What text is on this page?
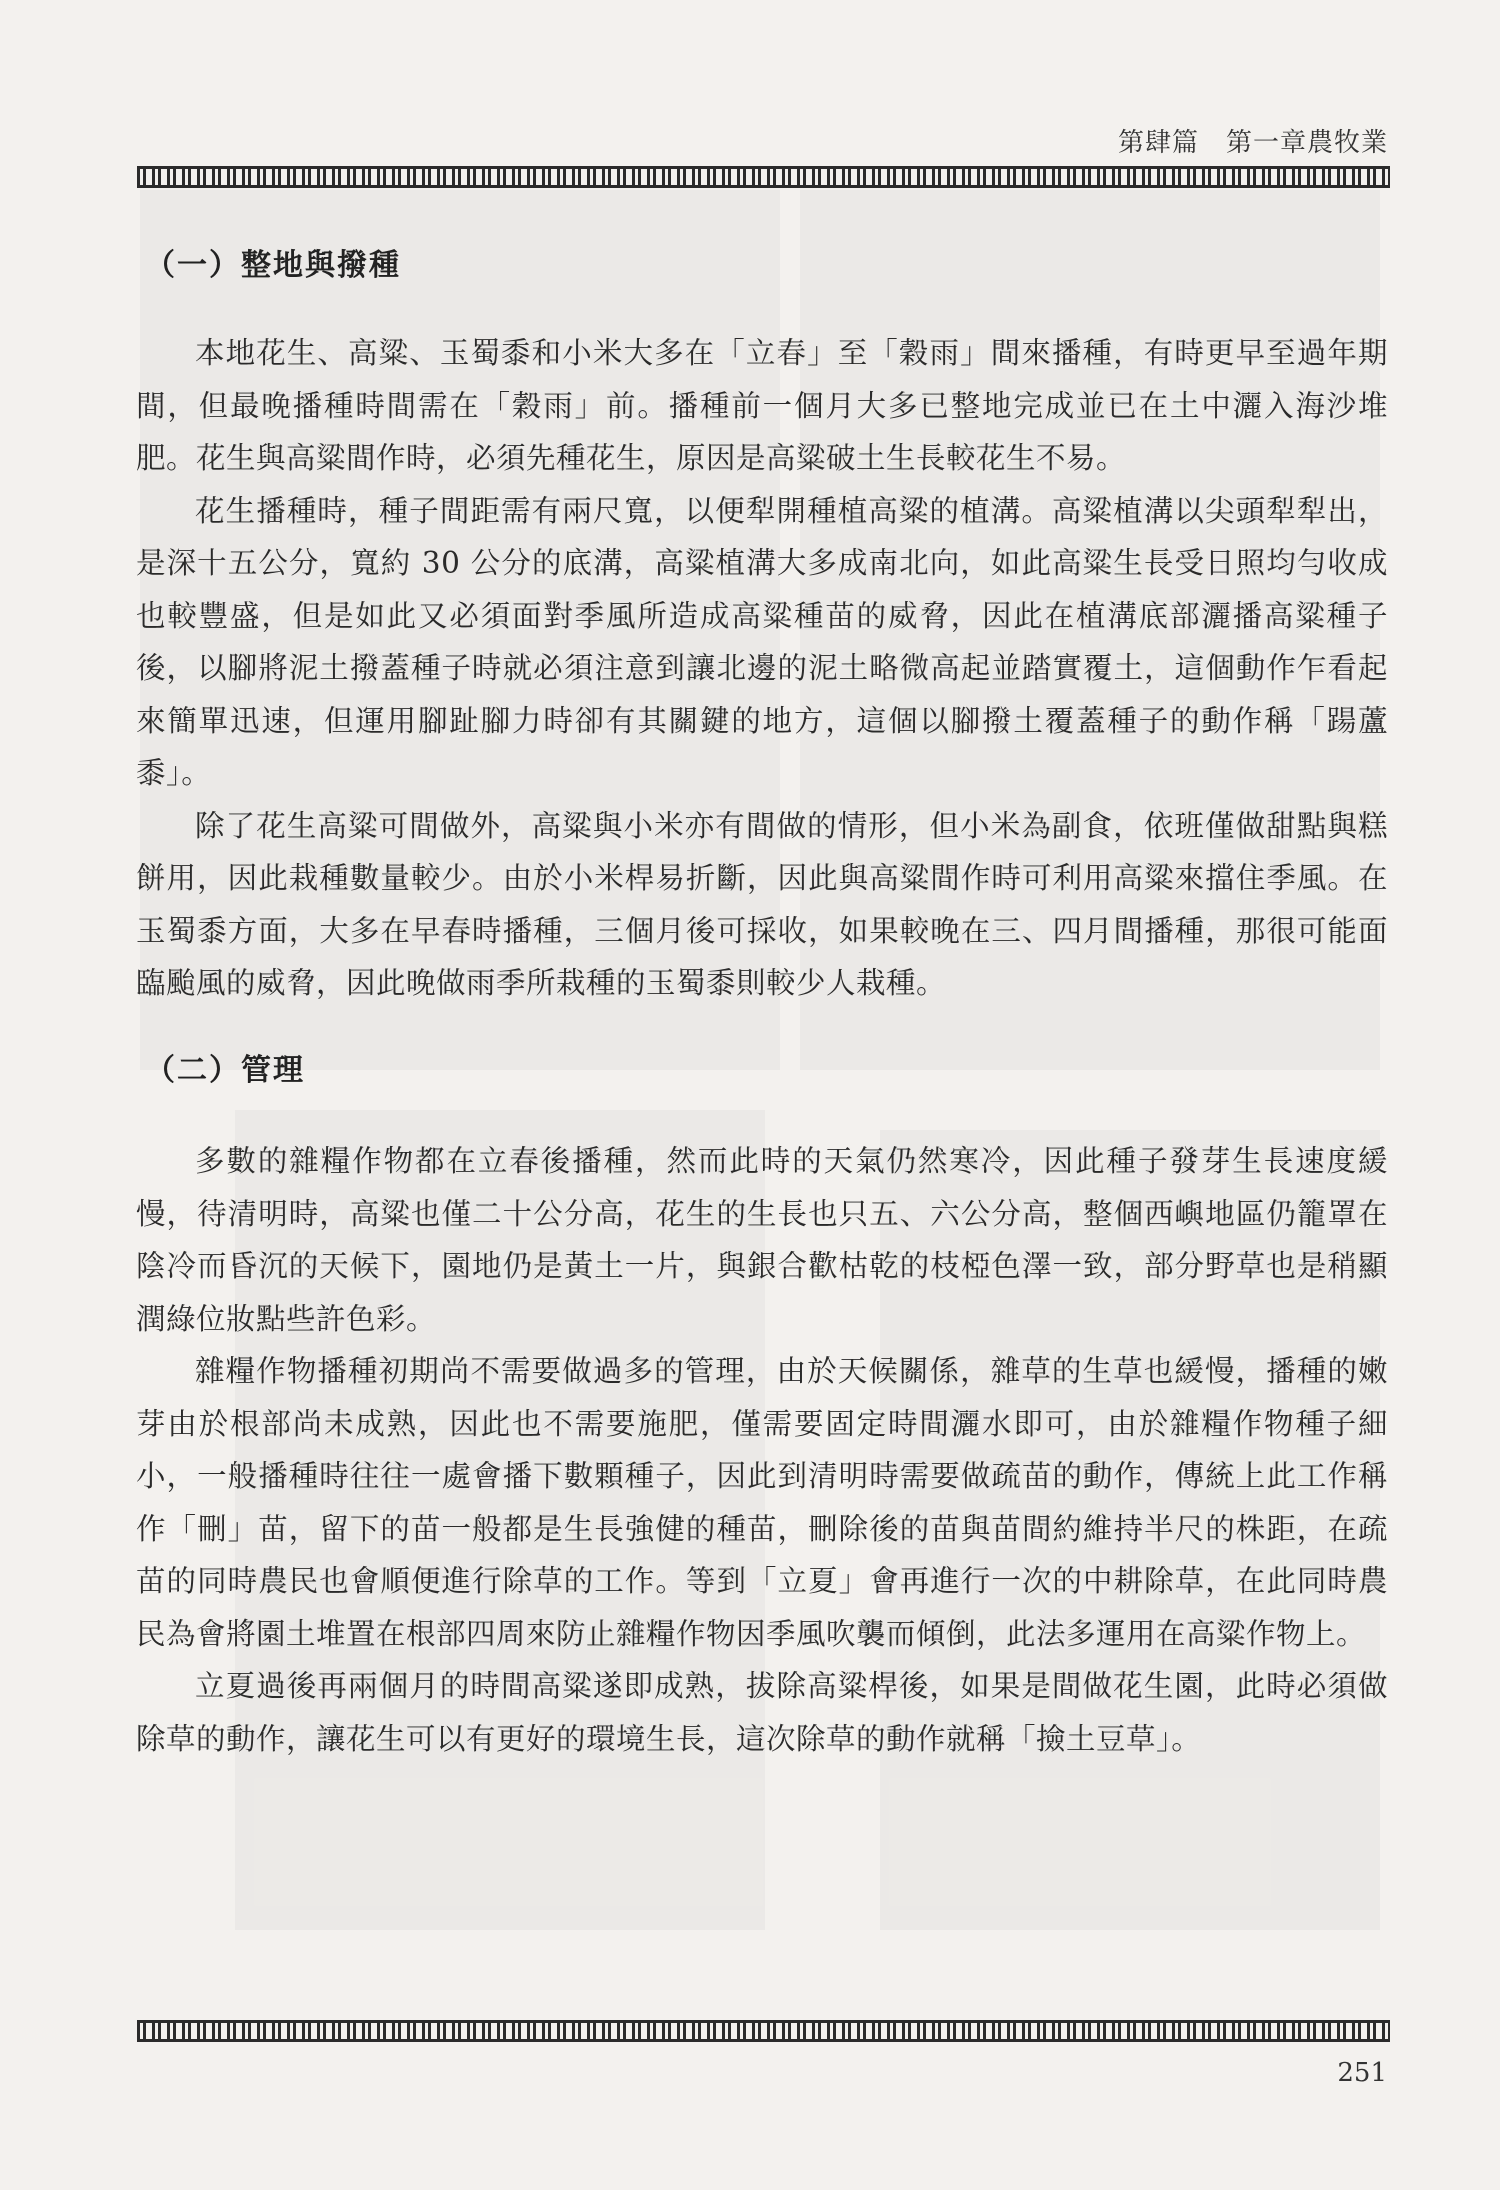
第肆篇　第一章農牧業
（一）整地與撥種

本地花生、高粱、玉蜀黍和小米大多在「立春」至「穀雨」間來播種，有時更早至過年期間，但最晚播種時間需在「穀雨」前。播種前一個月大多已整地完成並已在土中灑入海沙堆肥。花生與高粱間作時，必須先種花生，原因是高粱破土生長較花生不易。

花生播種時，種子間距需有兩尺寬，以便犁開種植高粱的植溝。高粱植溝以尖頭犁犁出，是深十五公分，寬約 30 公分的底溝，高粱植溝大多成南北向，如此高粱生長受日照均勻收成也較豐盛，但是如此又必須面對季風所造成高粱種苗的威脅，因此在植溝底部灑播高粱種子後，以腳將泥土撥蓋種子時就必須注意到讓北邊的泥土略微高起並踏實覆土，這個動作乍看起來簡單迅速，但運用腳趾腳力時卻有其關鍵的地方，這個以腳撥土覆蓋種子的動作稱「踼蘆黍」。

除了花生高粱可間做外，高粱與小米亦有間做的情形，但小米為副食，依班僅做甜點與糕餅用，因此栽種數量較少。由於小米桿易折斷，因此與高粱間作時可利用高粱來擋住季風。在玉蜀黍方面，大多在早春時播種，三個月後可採收，如果較晚在三、四月間播種，那很可能面臨颱風的威脅，因此晚做雨季所栽種的玉蜀黍則較少人栽種。

（二）管理

多數的雜糧作物都在立春後播種，然而此時的天氣仍然寒冷，因此種子發芽生長速度緩慢，待清明時，高粱也僅二十公分高，花生的生長也只五、六公分高，整個西嶼地區仍籠罩在陰冷而昏沉的天候下，園地仍是黃土一片，與銀合歡枯乾的枝椏色澤一致，部分野草也是稍顯潤綠位妝點些許色彩。

雜糧作物播種初期尚不需要做過多的管理，由於天候關係，雜草的生草也緩慢，播種的嫩芽由於根部尚未成熟，因此也不需要施肥，僅需要固定時間灑水即可，由於雜糧作物種子細小，一般播種時往往一處會播下數顆種子，因此到清明時需要做疏苗的動作，傳統上此工作稱作「刪」苗，留下的苗一般都是生長強健的種苗，刪除後的苗與苗間約維持半尺的株距，在疏苗的同時農民也會順便進行除草的工作。等到「立夏」會再進行一次的中耕除草，在此同時農民為會將園土堆置在根部四周來防止雜糧作物因季風吹襲而傾倒，此法多運用在高粱作物上。

立夏過後再兩個月的時間高粱遂即成熟，拔除高粱桿後，如果是間做花生園，此時必須做除草的動作，讓花生可以有更好的環境生長，這次除草的動作就稱「撿土豆草」。

251
